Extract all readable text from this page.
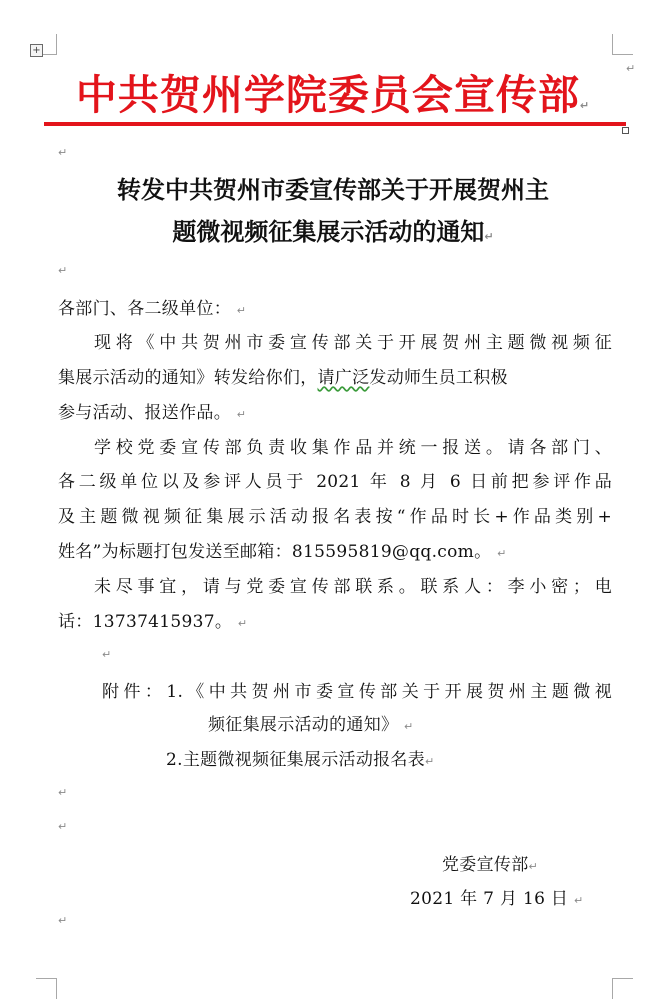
+
中共贺州学院委员会宣传部↵
↵
↵
转发中共贺州市委宣传部关于开展贺州主
题微视频征集展示活动的通知↵
↵
各部门、各二级单位： ↵
现将《中共贺州市委宣传部关于开展贺州主题微视频征
集展示活动的通知》转发给你们，请广泛发动师生员工积极
参与活动、报送作品。 ↵
学校党委宣传部负责收集作品并统一报送。请各部门、
各二级单位以及参评人员于 2021 年 8 月 6 日前把参评作品
及主题微视频征集展示活动报名表按“作品时长+作品类别+
姓名”为标题打包发送至邮箱：815595819@qq.com。 ↵
未尽事宜，请与党委宣传部联系。联系人：李小密；电
话：13737415937。 ↵
↵
附件：1.《中共贺州市委宣传部关于开展贺州主题微视
频征集展示活动的通知》 ↵
2.主题微视频征集展示活动报名表↵
↵
↵
党委宣传部↵
2021 年 7 月 16 日 ↵
↵
